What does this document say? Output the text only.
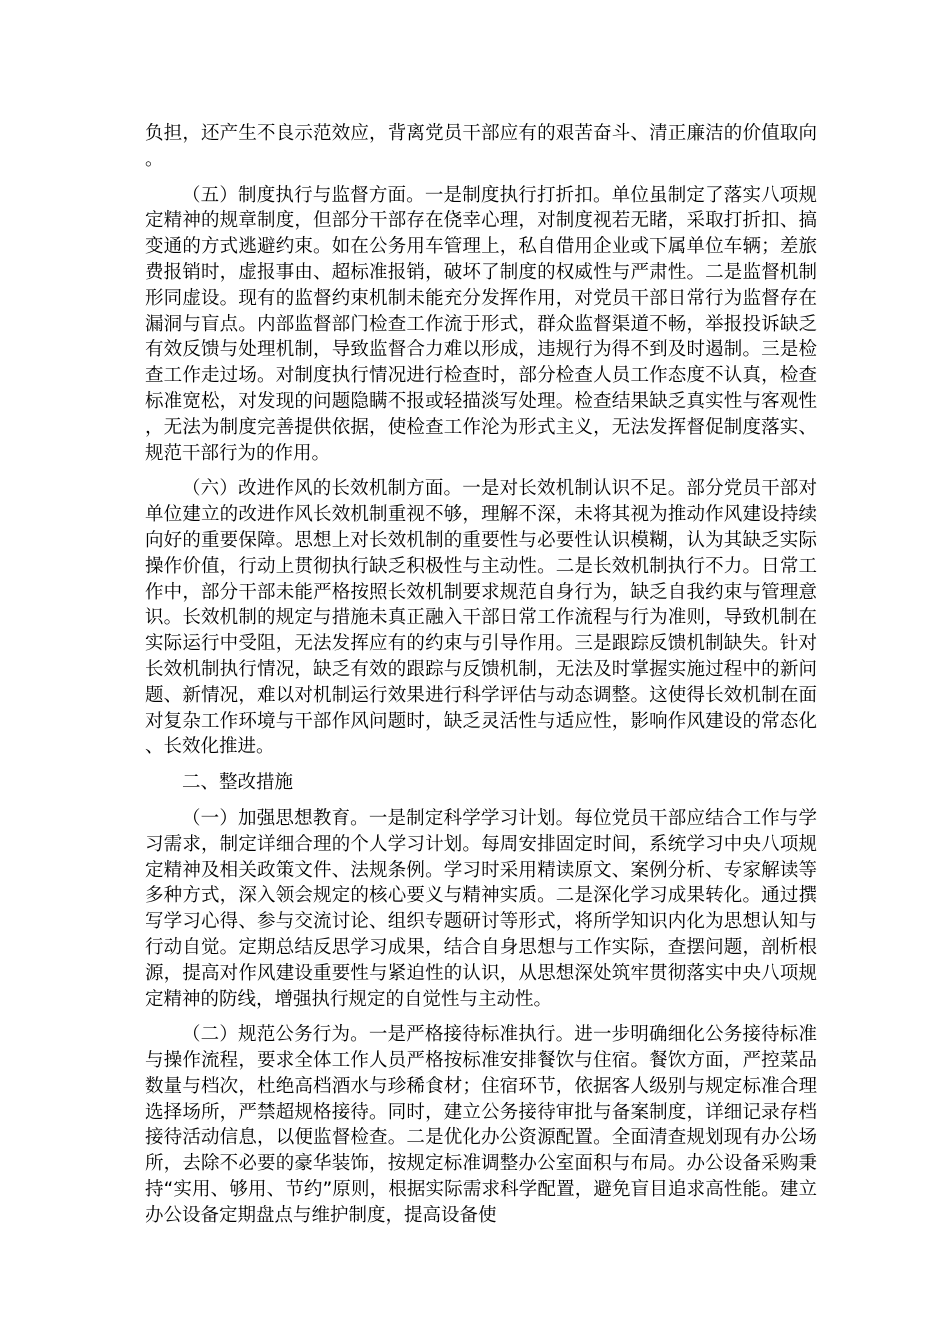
负担，还产生不良示范效应，背离党员干部应有的艰苦奋斗、清正廉洁的价值取向。

（五）制度执行与监督方面。一是制度执行打折扣。单位虽制定了落实八项规定精神的规章制度，但部分干部存在侥幸心理，对制度视若无睹，采取打折扣、搞变通的方式逃避约束。如在公务用车管理上，私自借用企业或下属单位车辆；差旅费报销时，虚报事由、超标准报销，破坏了制度的权威性与严肃性。二是监督机制形同虚设。现有的监督约束机制未能充分发挥作用，对党员干部日常行为监督存在漏洞与盲点。内部监督部门检查工作流于形式，群众监督渠道不畅，举报投诉缺乏有效反馈与处理机制，导致监督合力难以形成，违规行为得不到及时遏制。三是检查工作走过场。对制度执行情况进行检查时，部分检查人员工作态度不认真，检查标准宽松，对发现的问题隐瞒不报或轻描淡写处理。检查结果缺乏真实性与客观性，无法为制度完善提供依据，使检查工作沦为形式主义，无法发挥督促制度落实、规范干部行为的作用。

（六）改进作风的长效机制方面。一是对长效机制认识不足。部分党员干部对单位建立的改进作风长效机制重视不够，理解不深，未将其视为推动作风建设持续向好的重要保障。思想上对长效机制的重要性与必要性认识模糊，认为其缺乏实际操作价值，行动上贯彻执行缺乏积极性与主动性。二是长效机制执行不力。日常工作中，部分干部未能严格按照长效机制要求规范自身行为，缺乏自我约束与管理意识。长效机制的规定与措施未真正融入干部日常工作流程与行为准则，导致机制在实际运行中受阻，无法发挥应有的约束与引导作用。三是跟踪反馈机制缺失。针对长效机制执行情况，缺乏有效的跟踪与反馈机制，无法及时掌握实施过程中的新问题、新情况，难以对机制运行效果进行科学评估与动态调整。这使得长效机制在面对复杂工作环境与干部作风问题时，缺乏灵活性与适应性，影响作风建设的常态化、长效化推进。

二、整改措施

（一）加强思想教育。一是制定科学学习计划。每位党员干部应结合工作与学习需求，制定详细合理的个人学习计划。每周安排固定时间，系统学习中央八项规定精神及相关政策文件、法规条例。学习时采用精读原文、案例分析、专家解读等多种方式，深入领会规定的核心要义与精神实质。二是深化学习成果转化。通过撰写学习心得、参与交流讨论、组织专题研讨等形式，将所学知识内化为思想认知与行动自觉。定期总结反思学习成果，结合自身思想与工作实际，查摆问题，剖析根源，提高对作风建设重要性与紧迫性的认识，从思想深处筑牢贯彻落实中央八项规定精神的防线，增强执行规定的自觉性与主动性。

（二）规范公务行为。一是严格接待标准执行。进一步明确细化公务接待标准与操作流程，要求全体工作人员严格按标准安排餐饮与住宿。餐饮方面，严控菜品数量与档次，杜绝高档酒水与珍稀食材；住宿环节，依据客人级别与规定标准合理选择场所，严禁超规格接待。同时，建立公务接待审批与备案制度，详细记录存档接待活动信息，以便监督检查。二是优化办公资源配置。全面清查规划现有办公场所，去除不必要的豪华装饰，按规定标准调整办公室面积与布局。办公设备采购秉持“实用、够用、节约”原则，根据实际需求科学配置，避免盲目追求高性能。建立办公设备定期盘点与维护制度，提高设备使
